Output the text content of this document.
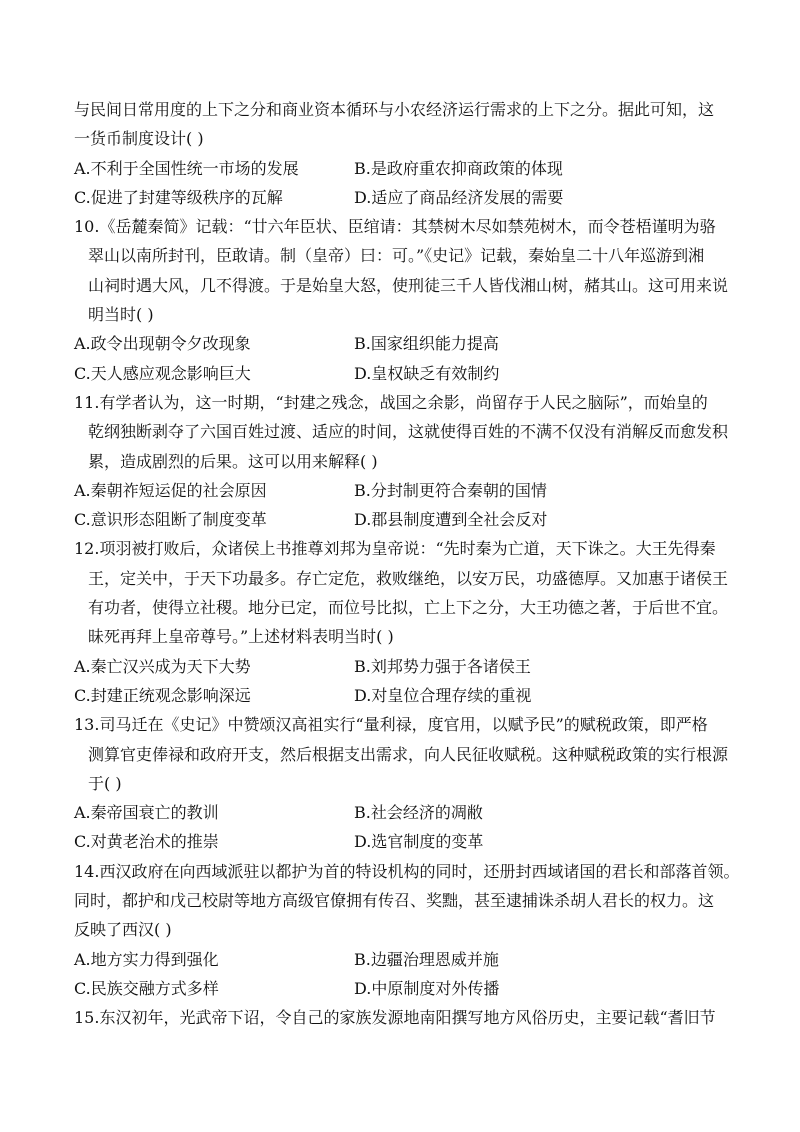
与民间日常用度的上下之分和商业资本循环与小农经济运行需求的上下之分。据此可知，这
一货币制度设计( )
A.不利于全国性统一市场的发展	B.是政府重农抑商政策的体现
C.促进了封建等级秩序的瓦解	D.适应了商品经济发展的需要
10.《岳麓秦简》记载：“廿六年臣状、臣绾请：其禁树木尽如禁苑树木，而令苍梧谨明为骆
翠山以南所封刊，臣敢请。制（皇帝）曰：可。”《史记》记载，秦始皇二十八年巡游到湘
山祠时遇大风，几不得渡。于是始皇大怒，使刑徒三千人皆伐湘山树，赭其山。这可用来说
明当时( )
A.政令出现朝令夕改现象	B.国家组织能力提高
C.天人感应观念影响巨大	D.皇权缺乏有效制约
11.有学者认为，这一时期，“封建之残念，战国之余影，尚留存于人民之脑际”，而始皇的
乾纲独断剥夺了六国百姓过渡、适应的时间，这就使得百姓的不满不仅没有消解反而愈发积
累，造成剧烈的后果。这可以用来解释( )
A.秦朝祚短运促的社会原因	B.分封制更符合秦朝的国情
C.意识形态阻断了制度变革	D.郡县制度遭到全社会反对
12.项羽被打败后，众诸侯上书推尊刘邦为皇帝说：“先时秦为亡道，天下诛之。大王先得秦
王，定关中，于天下功最多。存亡定危，救败继绝，以安万民，功盛德厚。又加惠于诸侯王
有功者，使得立社稷。地分已定，而位号比拟，亡上下之分，大王功德之著，于后世不宜。
昧死再拜上皇帝尊号。”上述材料表明当时( )
A.秦亡汉兴成为天下大势	B.刘邦势力强于各诸侯王
C.封建正统观念影响深远	D.对皇位合理存续的重视
13.司马迁在《史记》中赞颂汉高祖实行“量利禄，度官用，以赋予民”的赋税政策，即严格
测算官吏俸禄和政府开支，然后根据支出需求，向人民征收赋税。这种赋税政策的实行根源
于( )
A.秦帝国衰亡的教训	B.社会经济的凋敝
C.对黄老治术的推崇	D.选官制度的变革
14.西汉政府在向西域派驻以都护为首的特设机构的同时，还册封西域诸国的君长和部落首领。
同时，都护和戊己校尉等地方高级官僚拥有传召、奖黜，甚至逮捕诛杀胡人君长的权力。这
反映了西汉( )
A.地方实力得到强化	B.边疆治理恩威并施
C.民族交融方式多样	D.中原制度对外传播
15.东汉初年，光武帝下诏，令自己的家族发源地南阳撰写地方风俗历史，主要记载“耆旧节
